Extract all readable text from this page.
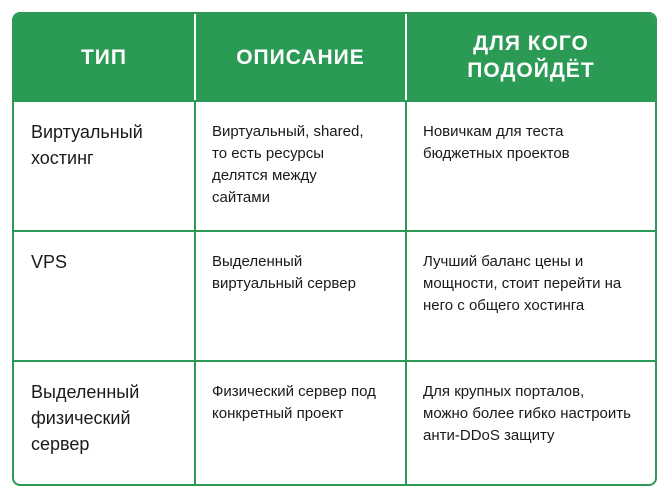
ТИП	ОПИСАНИЕ
ДЛЯ КОГО ПОДОЙДЁТ
Виртуальный хостинг
Виртуальный, shared, то есть ресурсы делятся между сайтами
Новичкам для теста бюджетных проектов
VPS	Выделенный виртуальный сервер
Лучший баланс цены и мощности, стоит перейти на него с общего хостинга
Выделенный физический сервер
Физический сервер под конкретный проект
Для крупных порталов, можно более гибко настроить анти-DDoS защиту
